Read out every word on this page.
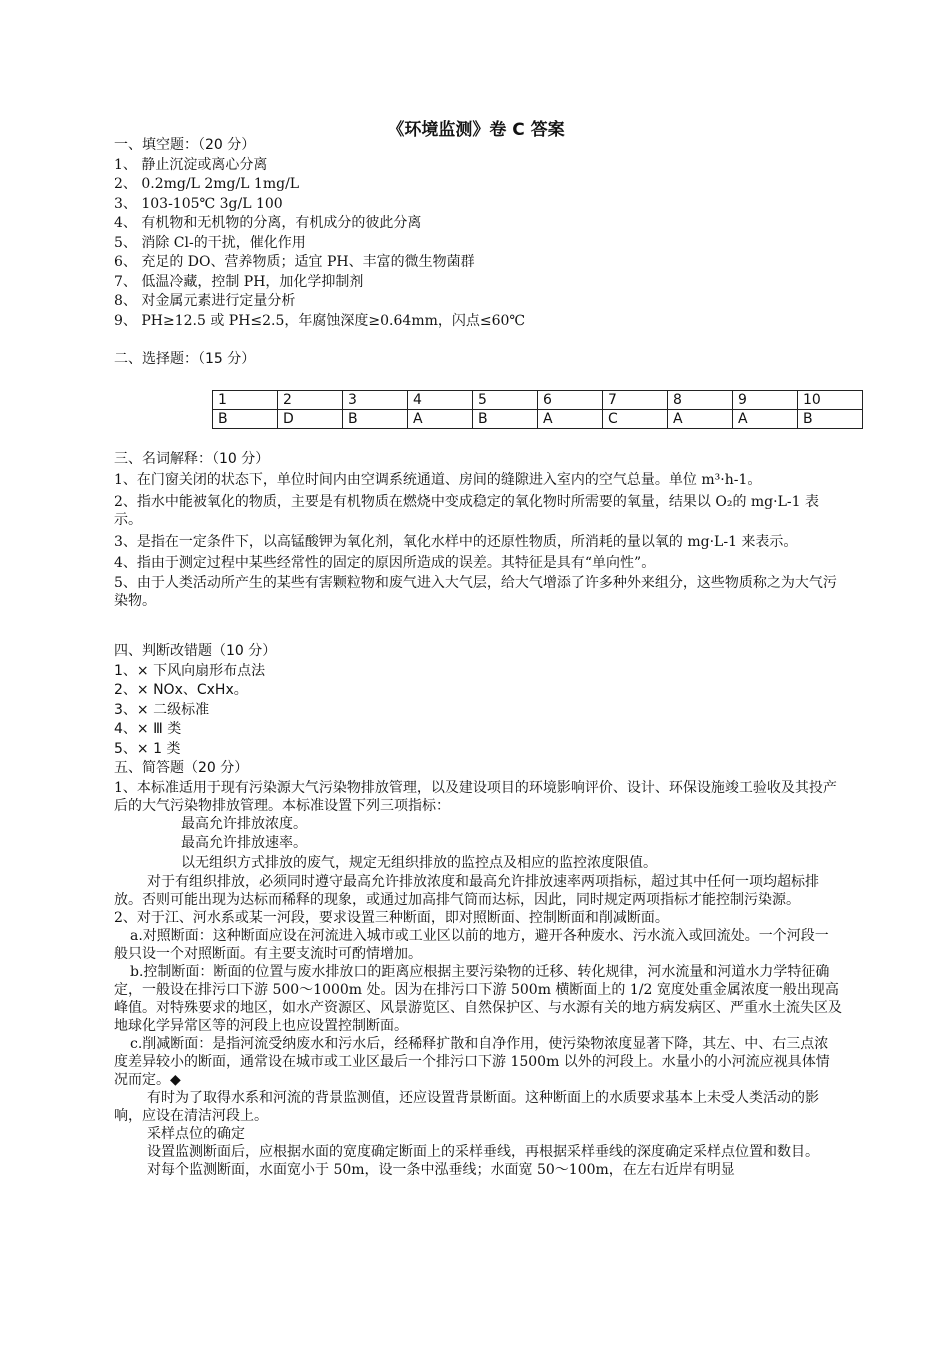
《环境监测》卷 C 答案
一、填空题：（20 分）
1、 静止沉淀或离心分离
2、 0.2mg/L 2mg/L 1mg/L
3、 103-105℃ 3g/L 100
4、 有机物和无机物的分离，有机成分的彼此分离
5、 消除 Cl-的干扰，催化作用
6、 充足的 DO、营养物质；适宜 PH、丰富的微生物菌群
7、 低温冷藏，控制 PH，加化学抑制剂
8、 对金属元素进行定量分析
9、 PH≥12.5 或 PH≤2.5，年腐蚀深度≥0.64mm，闪点≤60℃
二、选择题：（15 分）
1	2	3	4	5	6	7	8	9	10
B	D	B	A	B	A	C	A	A	B
三、名词解释：（10 分）
1、在门窗关闭的状态下，单位时间内由空调系统通道、房间的缝隙进入室内的空气总量。单位 m³·h-1。
2、指水中能被氧化的物质，主要是有机物质在燃烧中变成稳定的氧化物时所需要的氧量，结果以 O₂的 mg·L-1 表示。
3、是指在一定条件下，以高锰酸钾为氧化剂，氧化水样中的还原性物质，所消耗的量以氧的 mg·L-1 来表示。
4、指由于测定过程中某些经常性的固定的原因所造成的误差。其特征是具有“单向性”。
5、由于人类活动所产生的某些有害颗粒物和废气进入大气层，给大气增添了许多种外来组分，这些物质称之为大气污染物。
四、判断改错题（10 分）
1、× 下风向扇形布点法
2、× NOx、CxHx。
3、× 二级标准
4、× Ⅲ 类
5、× 1 类
五、简答题（20 分）
1、本标准适用于现有污染源大气污染物排放管理，以及建设项目的环境影响评价、设计、环保设施竣工验收及其投产后的大气污染物排放管理。本标准设置下列三项指标：
最高允许排放浓度。
最高允许排放速率。
以无组织方式排放的废气，规定无组织排放的监控点及相应的监控浓度限值。
对于有组织排放，必须同时遵守最高允许排放浓度和最高允许排放速率两项指标，超过其中任何一项均超标排放。否则可能出现为达标而稀释的现象，或通过加高排气筒而达标，因此，同时规定两项指标才能控制污染源。
2、对于江、河水系或某一河段，要求设置三种断面，即对照断面、控制断面和削减断面。
a.对照断面：这种断面应设在河流进入城市或工业区以前的地方，避开各种废水、污水流入或回流处。一个河段一般只设一个对照断面。有主要支流时可酌情增加。
b.控制断面：断面的位置与废水排放口的距离应根据主要污染物的迁移、转化规律，河水流量和河道水力学特征确定，一般设在排污口下游 500～1000m 处。因为在排污口下游 500m 横断面上的 1/2 宽度处重金属浓度一般出现高峰值。对特殊要求的地区，如水产资源区、风景游览区、自然保护区、与水源有关的地方病发病区、严重水土流失区及地球化学异常区等的河段上也应设置控制断面。
c.削减断面：是指河流受纳废水和污水后，经稀释扩散和自净作用，使污染物浓度显著下降，其左、中、右三点浓度差异较小的断面，通常设在城市或工业区最后一个排污口下游 1500m 以外的河段上。水量小的小河流应视具体情况而定。◆
有时为了取得水系和河流的背景监测值，还应设置背景断面。这种断面上的水质要求基本上未受人类活动的影响，应设在清洁河段上。
采样点位的确定
设置监测断面后，应根据水面的宽度确定断面上的采样垂线，再根据采样垂线的深度确定采样点位置和数目。
对每个监测断面，水面宽小于 50m，设一条中泓垂线；水面宽 50～100m，在左右近岸有明显
